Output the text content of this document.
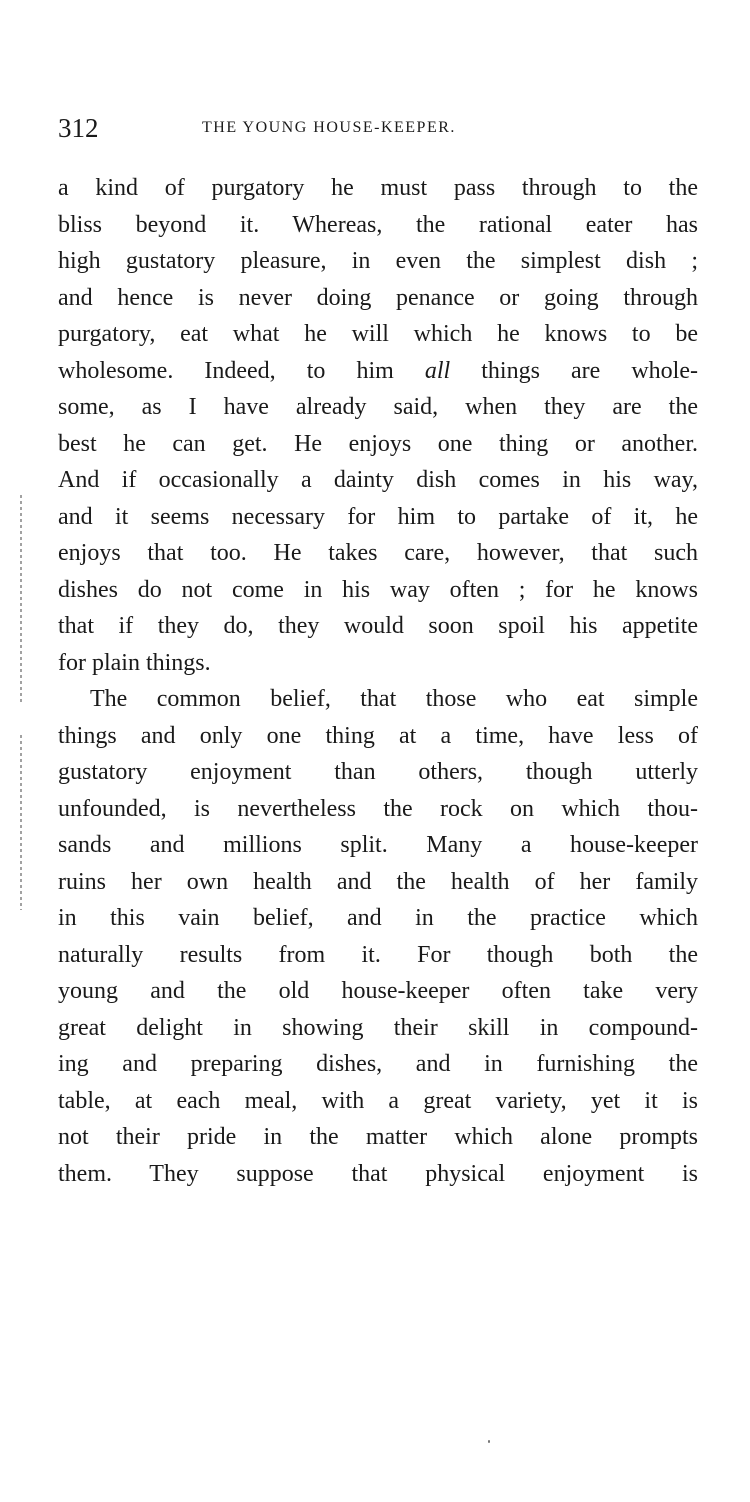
312	THE YOUNG HOUSE-KEEPER.
a kind of purgatory he must pass through to the
bliss beyond it. Whereas, the rational eater has
high gustatory pleasure, in even the simplest dish ;
and hence is never doing penance or going through
purgatory, eat what he will which he knows to be
wholesome. Indeed, to him all things are whole-
some, as I have already said, when they are the
best he can get. He enjoys one thing or another.
And if occasionally a dainty dish comes in his way,
and it seems necessary for him to partake of it, he
enjoys that too. He takes care, however, that such
dishes do not come in his way often ; for he knows
that if they do, they would soon spoil his appetite
for plain things.
The common belief, that those who eat simple
things and only one thing at a time, have less of
gustatory enjoyment than others, though utterly
unfounded, is nevertheless the rock on which thou-
sands and millions split. Many a house-keeper
ruins her own health and the health of her family
in this vain belief, and in the practice which
naturally results from it. For though both the
young and the old house-keeper often take very
great delight in showing their skill in compound-
ing and preparing dishes, and in furnishing the
table, at each meal, with a great variety, yet it is
not their pride in the matter which alone prompts
them. They suppose that physical enjoyment is
